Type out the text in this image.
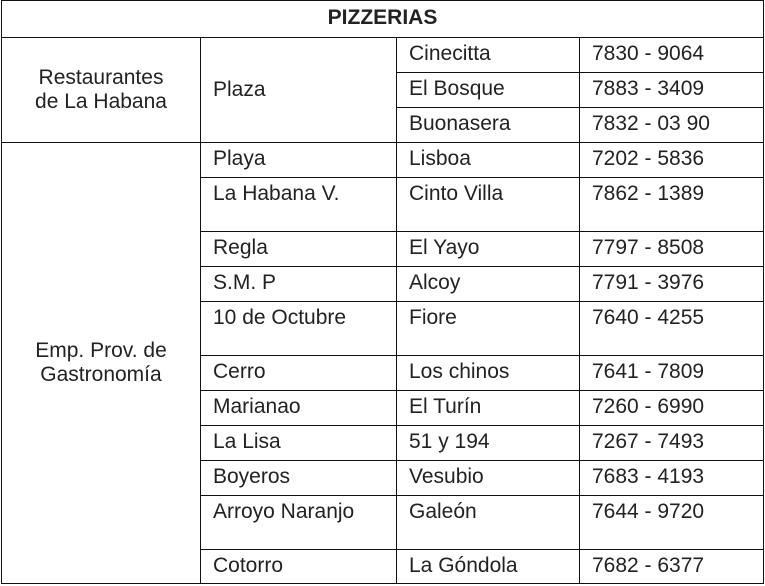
PIZZERIAS			

Restaurantes
de La Habana	Plaza	Cinecitta	7830 - 9064
		El Bosque	7883 - 3409
		Buonasera	7832 - 03 90

Emp. Prov. de
Gastronomía	Playa	Lisboa	7202 - 5836
	La Habana V.	Cinto Villa	7862 - 1389
	Regla	El Yayo	7797 - 8508
	S.M. P	Alcoy	7791 - 3976
	10 de Octubre	Fiore	7640 - 4255
	Cerro	Los chinos	7641 - 7809
	Marianao	El Turín	7260 - 6990
	La Lisa	51 y 194	7267 - 7493
	Boyeros	Vesubio	7683 - 4193
	Arroyo Naranjo	Galeón	7644 - 9720
	Cotorro	La Góndola	7682 - 6377
